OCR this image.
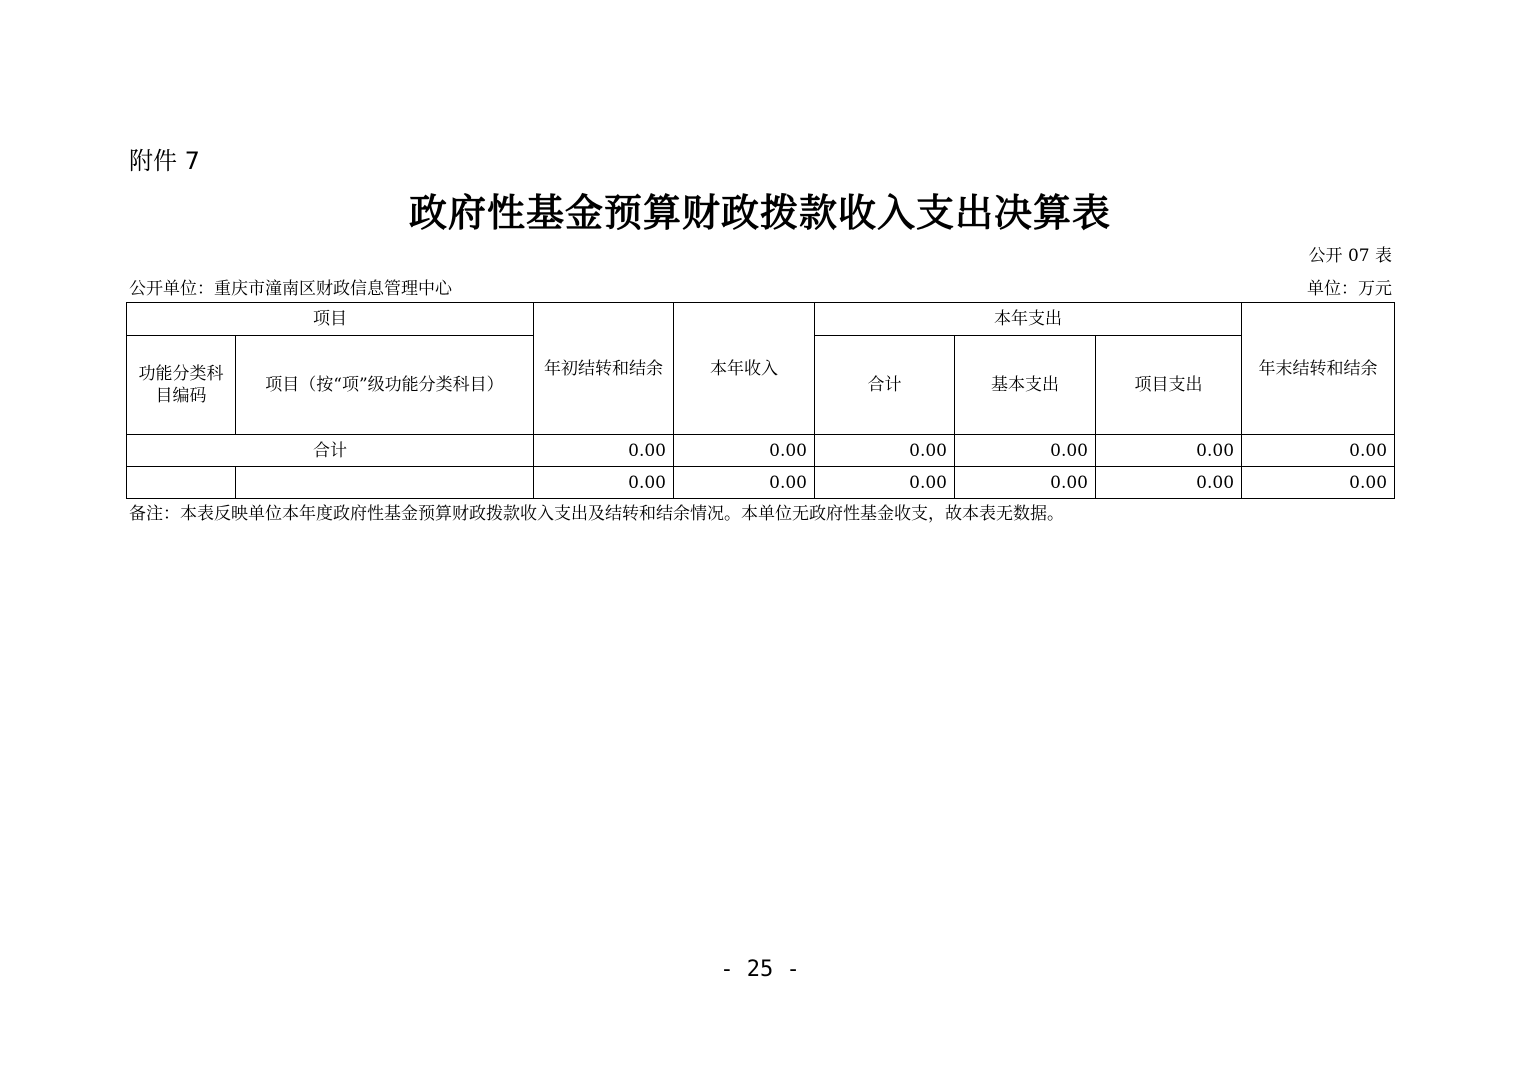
附件 7
政府性基金预算财政拨款收入支出决算表
公开 07 表
公开单位：重庆市潼南区财政信息管理中心	单位：万元
项目		年初结转和结余	本年收入	本年支出			年末结转和结余
功能分类科目编码	项目（按“项”级功能分类科目）			合计	基本支出	项目支出	
合计		0.00	0.00	0.00	0.00	0.00	0.00
		0.00	0.00	0.00	0.00	0.00	0.00
备注：本表反映单位本年度政府性基金预算财政拨款收入支出及结转和结余情况。本单位无政府性基金收支，故本表无数据。
- 25 -
